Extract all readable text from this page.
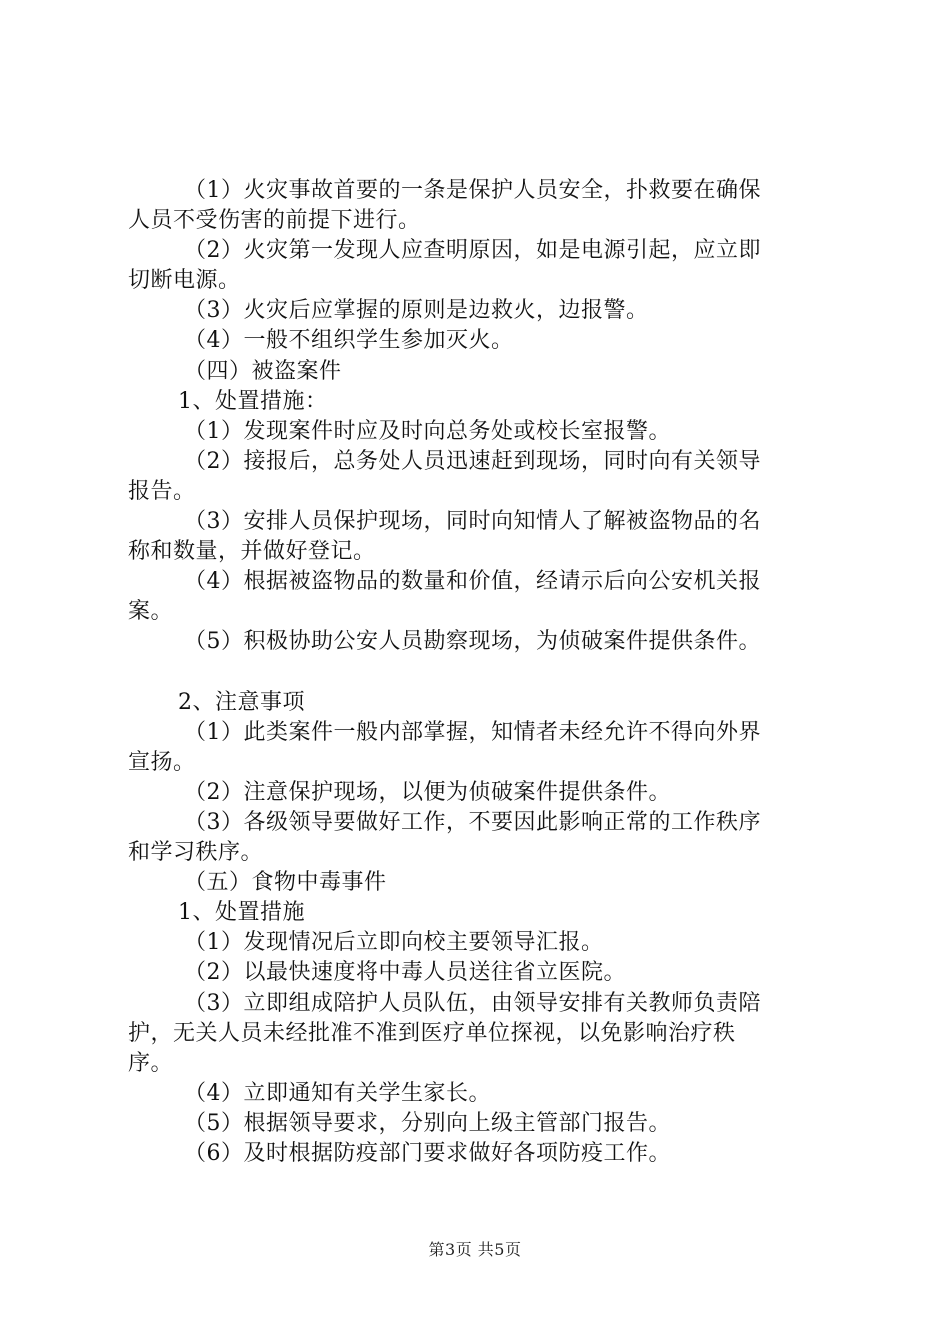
（1）火灾事故首要的一条是保护人员安全，扑救要在确保
人员不受伤害的前提下进行。
（2）火灾第一发现人应查明原因，如是电源引起，应立即
切断电源。
（3）火灾后应掌握的原则是边救火，边报警。
（4）一般不组织学生参加灭火。
（四）被盗案件
1、处置措施：
（1）发现案件时应及时向总务处或校长室报警。
（2）接报后，总务处人员迅速赶到现场，同时向有关领导
报告。
（3）安排人员保护现场，同时向知情人了解被盗物品的名
称和数量，并做好登记。
（4）根据被盗物品的数量和价值，经请示后向公安机关报
案。
（5）积极协助公安人员勘察现场，为侦破案件提供条件。
2、注意事项
（1）此类案件一般内部掌握，知情者未经允许不得向外界
宣扬。
（2）注意保护现场，以便为侦破案件提供条件。
（3）各级领导要做好工作，不要因此影响正常的工作秩序
和学习秩序。
（五）食物中毒事件
1、处置措施
（1）发现情况后立即向校主要领导汇报。
（2）以最快速度将中毒人员送往省立医院。
（3）立即组成陪护人员队伍，由领导安排有关教师负责陪
护，无关人员未经批准不准到医疗单位探视，以免影响治疗秩
序。
（4）立即通知有关学生家长。
（5）根据领导要求，分别向上级主管部门报告。
（6）及时根据防疫部门要求做好各项防疫工作。
第3页 共5页
